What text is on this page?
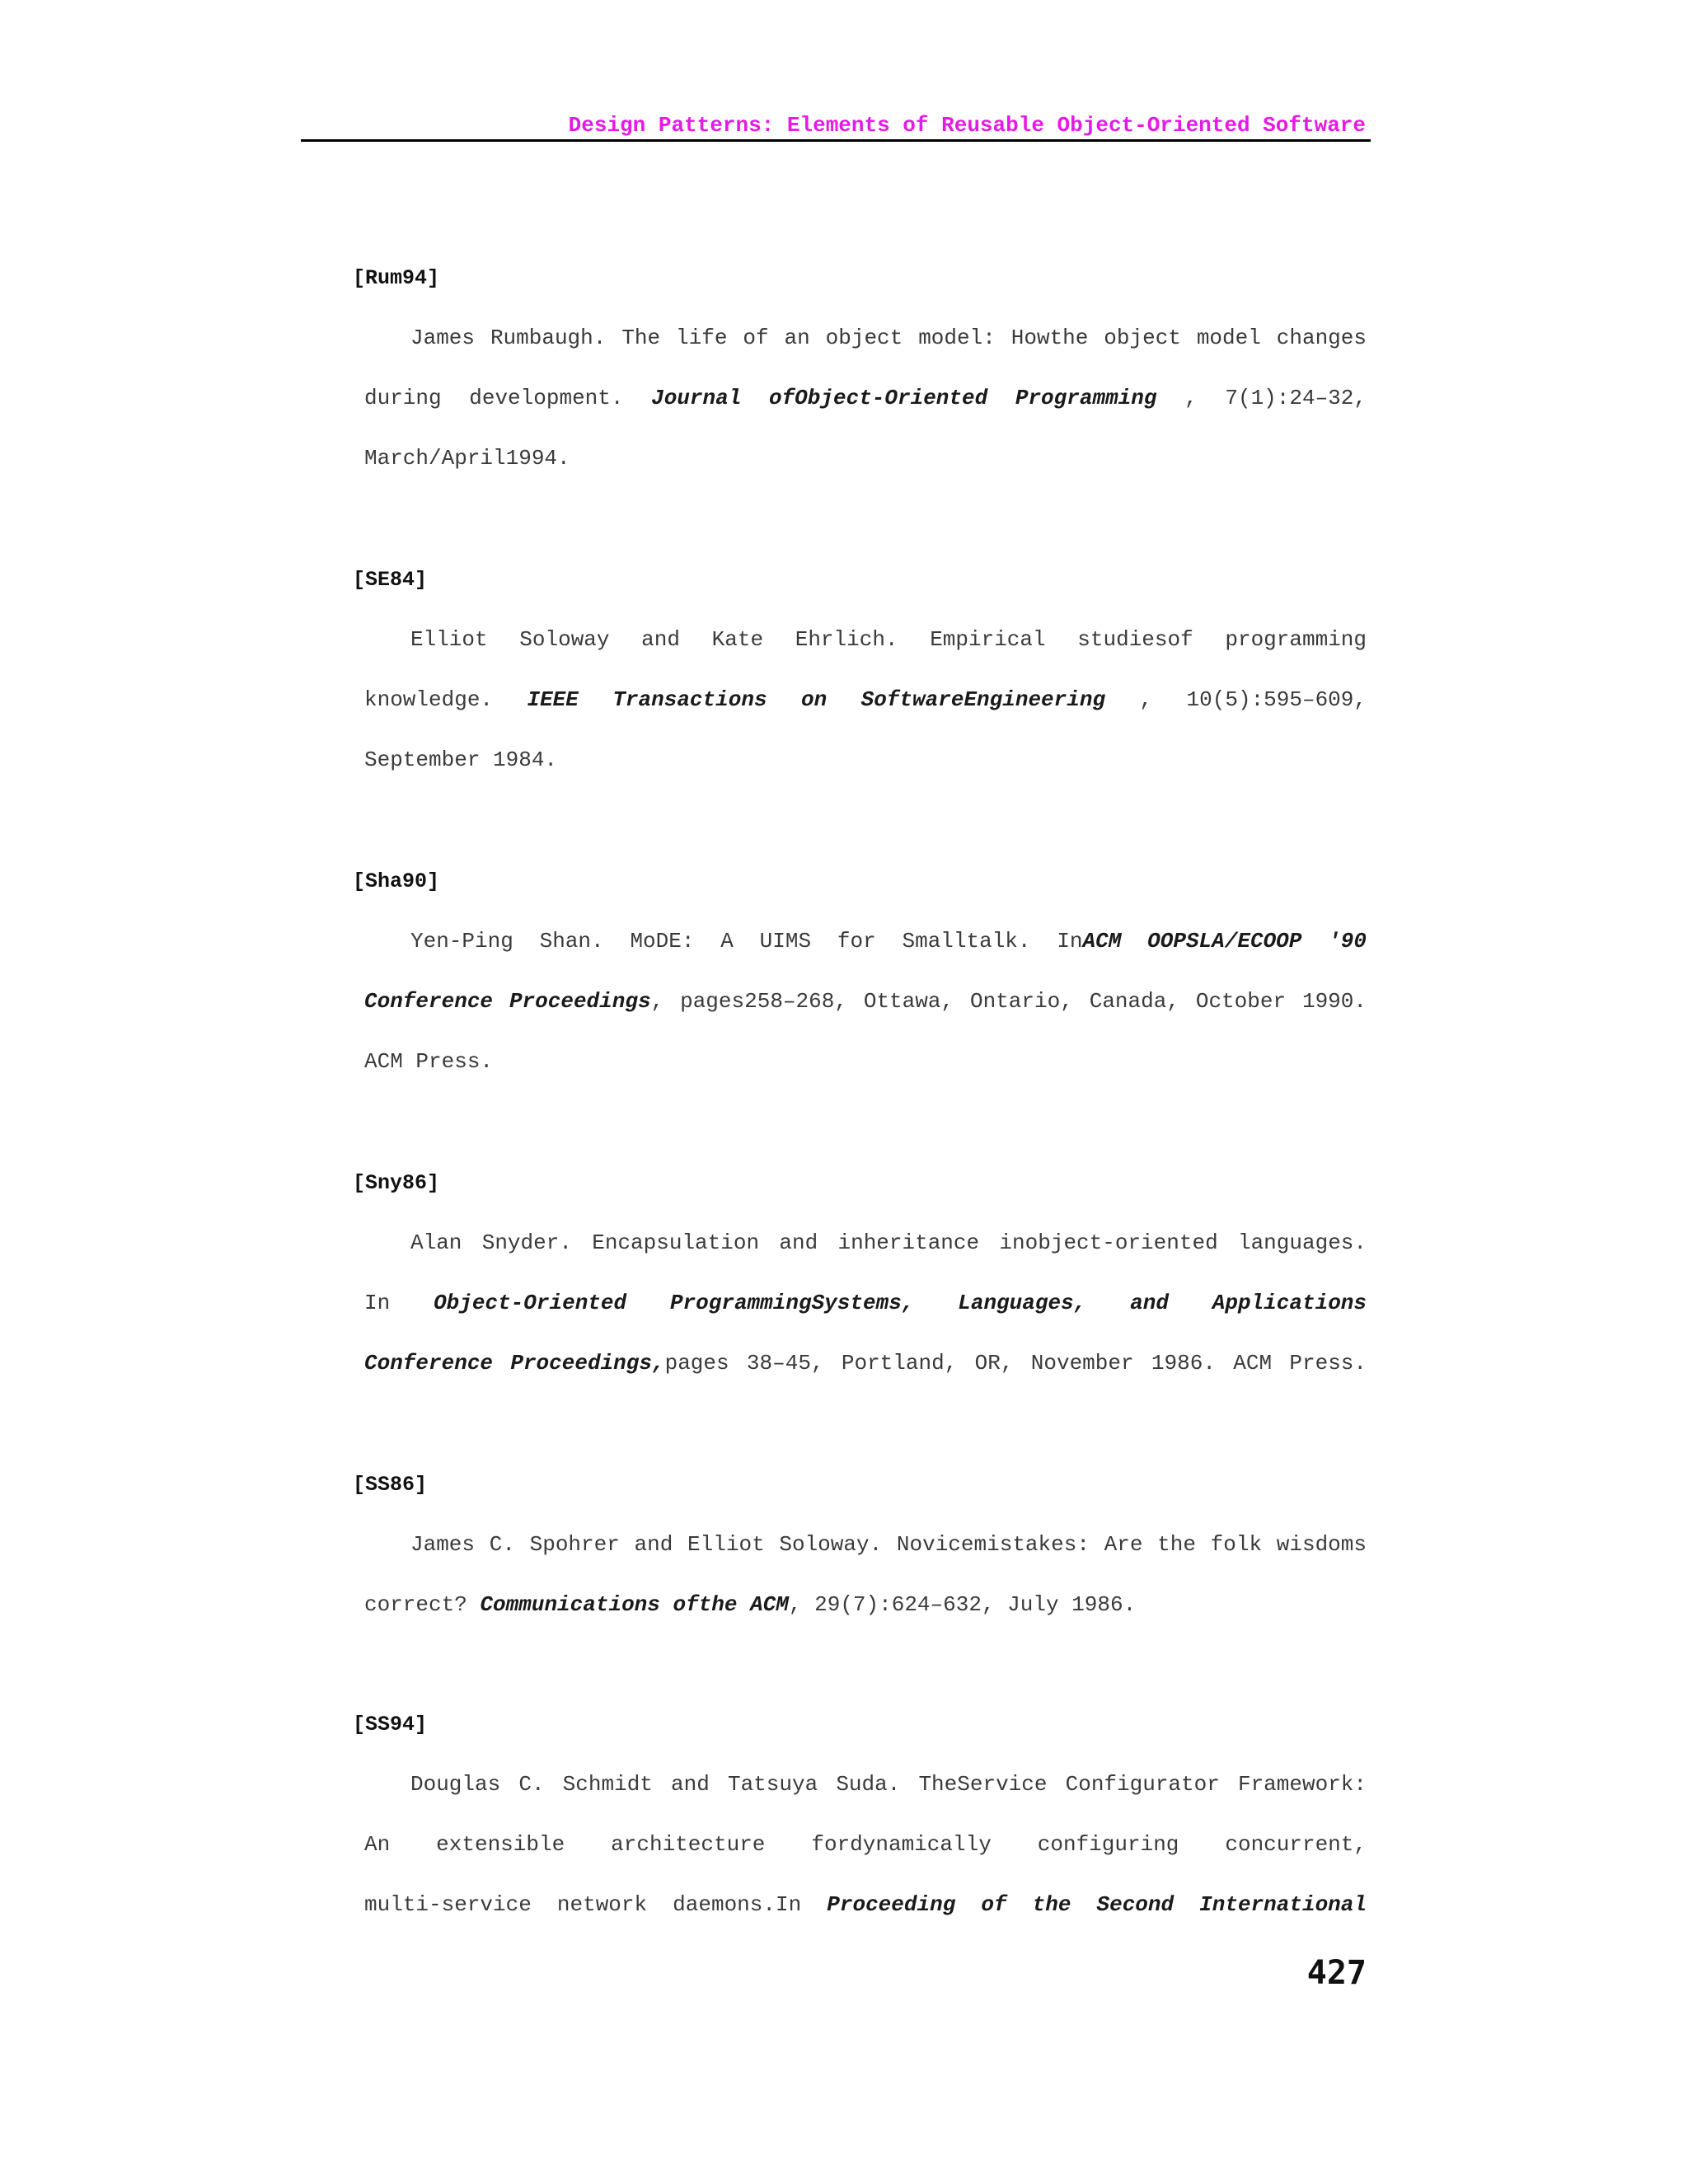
Design Patterns: Elements of Reusable Object-Oriented Software
[Rum94]
James Rumbaugh. The life of an object model: Howthe object model changes
during development. Journal ofObject-Oriented Programming , 7(1):24–32,
March/April1994.
[SE84]
Elliot Soloway and Kate Ehrlich. Empirical studiesof programming
knowledge. IEEE Transactions on SoftwareEngineering , 10(5):595–609,
September 1984.
[Sha90]
Yen-Ping Shan. MoDE: A UIMS for Smalltalk. InACM OOPSLA/ECOOP '90
Conference Proceedings, pages258–268, Ottawa, Ontario, Canada, October 1990.
ACM Press.
[Sny86]
Alan Snyder. Encapsulation and inheritance inobject-oriented languages.
In Object-Oriented ProgrammingSystems, Languages, and Applications
Conference Proceedings,pages 38–45, Portland, OR, November 1986. ACM Press.
[SS86]
James C. Spohrer and Elliot Soloway. Novicemistakes: Are the folk wisdoms
correct? Communications ofthe ACM, 29(7):624–632, July 1986.
[SS94]
Douglas C. Schmidt and Tatsuya Suda. TheService Configurator Framework:
An extensible architecture fordynamically configuring concurrent,
multi-service network daemons.In Proceeding of the Second International
427
